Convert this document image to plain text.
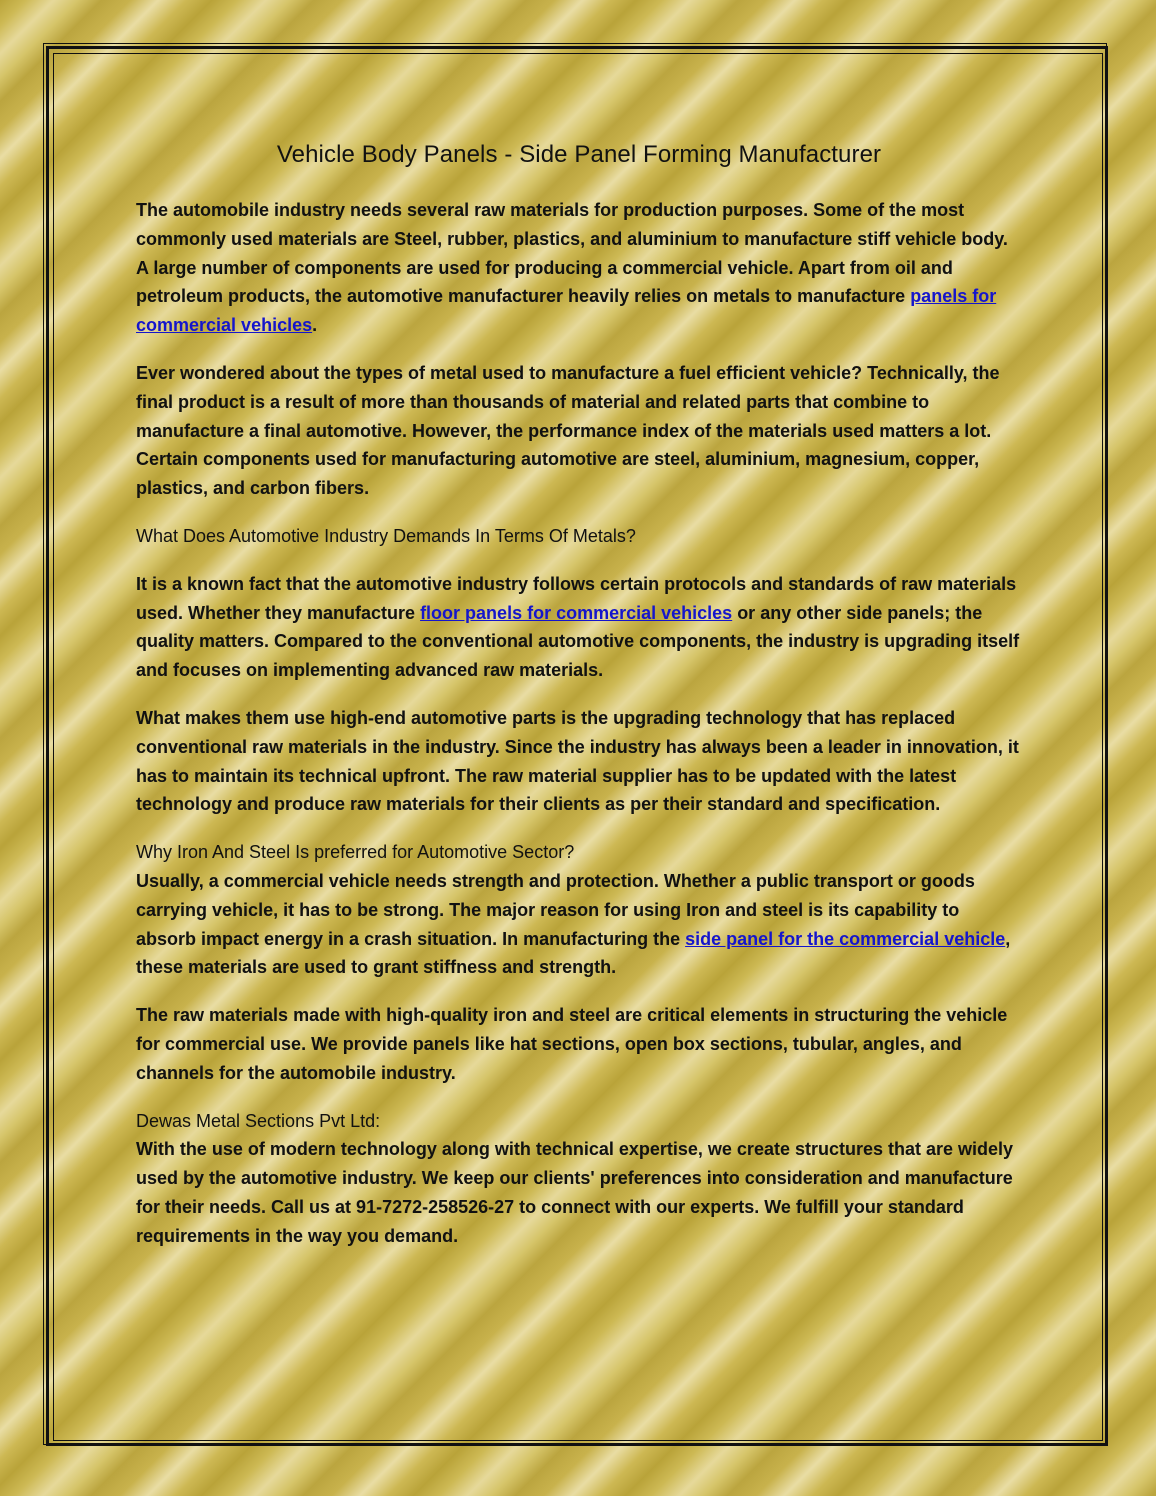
Vehicle Body Panels - Side Panel Forming Manufacturer

The automobile industry needs several raw materials for production purposes. Some of the most commonly used materials are Steel, rubber, plastics, and aluminium to manufacture stiff vehicle body. A large number of components are used for producing a commercial vehicle. Apart from oil and petroleum products, the automotive manufacturer heavily relies on metals to manufacture panels for commercial vehicles.

Ever wondered about the types of metal used to manufacture a fuel efficient vehicle? Technically, the final product is a result of more than thousands of material and related parts that combine to manufacture a final automotive. However, the performance index of the materials used matters a lot. Certain components used for manufacturing automotive are steel, aluminium, magnesium, copper, plastics, and carbon fibers.

What Does Automotive Industry Demands In Terms Of Metals?

It is a known fact that the automotive industry follows certain protocols and standards of raw materials used. Whether they manufacture floor panels for commercial vehicles or any other side panels; the quality matters. Compared to the conventional automotive components, the industry is upgrading itself and focuses on implementing advanced raw materials.

What makes them use high-end automotive parts is the upgrading technology that has replaced conventional raw materials in the industry. Since the industry has always been a leader in innovation, it has to maintain its technical upfront. The raw material supplier has to be updated with the latest technology and produce raw materials for their clients as per their standard and specification.

Why Iron And Steel Is preferred for Automotive Sector?
Usually, a commercial vehicle needs strength and protection. Whether a public transport or goods carrying vehicle, it has to be strong. The major reason for using Iron and steel is its capability to absorb impact energy in a crash situation. In manufacturing the side panel for the commercial vehicle, these materials are used to grant stiffness and strength.

The raw materials made with high-quality iron and steel are critical elements in structuring the vehicle for commercial use. We provide panels like hat sections, open box sections, tubular, angles, and channels for the automobile industry.

Dewas Metal Sections Pvt Ltd:
With the use of modern technology along with technical expertise, we create structures that are widely used by the automotive industry. We keep our clients' preferences into consideration and manufacture for their needs. Call us at 91-7272-258526-27 to connect with our experts. We fulfill your standard requirements in the way you demand.
